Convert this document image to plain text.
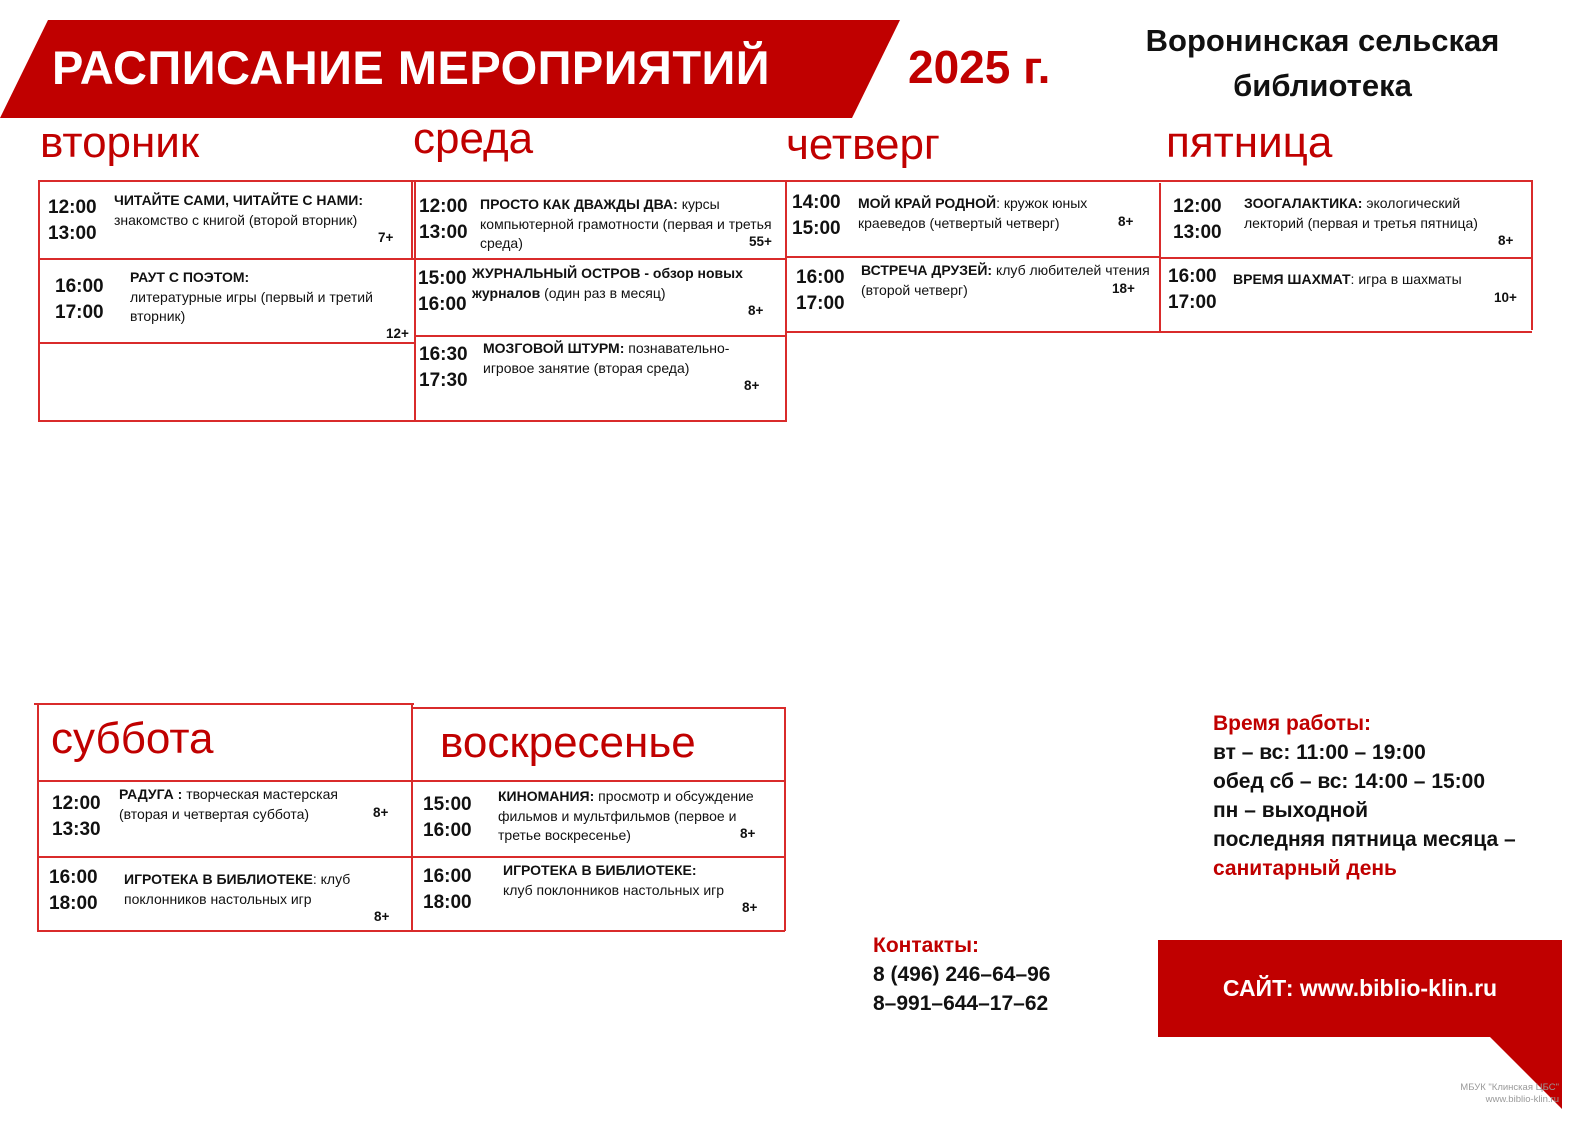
РАСПИСАНИЕ МЕРОПРИЯТИЙ	2025 г.
Воронинская сельская
библиотека
вторник	среда	четверг	пятница
12:00
13:00
ЧИТАЙТЕ САМИ, ЧИТАЙТЕ С НАМИ:
знакомство с книгой (второй вторник)
7+
16:00
17:00
РАУТ С ПОЭТОМ:
литературные игры (первый и третий вторник)
12+
12:00
13:00
ПРОСТО КАК ДВАЖДЫ ДВА: курсы компьютерной грамотности (первая и третья среда)	55+
15:00
16:00
ЖУРНАЛЬНЫЙ ОСТРОВ - обзор новых журналов (один раз в месяц)
8+
16:30
17:30
МОЗГОВОЙ ШТУРМ: познавательно-игровое занятие (вторая среда)
8+
14:00
15:00
МОЙ КРАЙ РОДНОЙ: кружок юных краеведов (четвертый четверг)	8+
16:00
17:00
ВСТРЕЧА ДРУЗЕЙ: клуб любителей чтения (второй четверг)	18+
12:00
13:00
ЗООГАЛАКТИКА: экологический лекторий (первая и третья пятница)
8+
16:00
17:00
ВРЕМЯ ШАХМАТ: игра в шахматы
10+
суббота	воскресенье
12:00
13:30
РАДУГА : творческая мастерская (вторая и четвертая суббота)	8+
16:00
18:00
ИГРОТЕКА В БИБЛИОТЕКЕ: клуб поклонников настольных игр
8+
15:00
16:00
КИНОМАНИЯ: просмотр и обсуждение фильмов и мультфильмов (первое и третье воскресенье)	8+
16:00
18:00
ИГРОТЕКА В БИБЛИОТЕКЕ:
клуб поклонников настольных игр
8+
Время работы:
вт – вс: 11:00 – 19:00
обед сб – вс: 14:00 – 15:00
пн – выходной
последняя пятница месяца –
санитарный день
Контакты:
8 (496) 246–64–96
8–991–644–17–62
САЙТ: www.biblio-klin.ru
МБУК "Клинская ЦБС"
www.biblio-klin.ru
